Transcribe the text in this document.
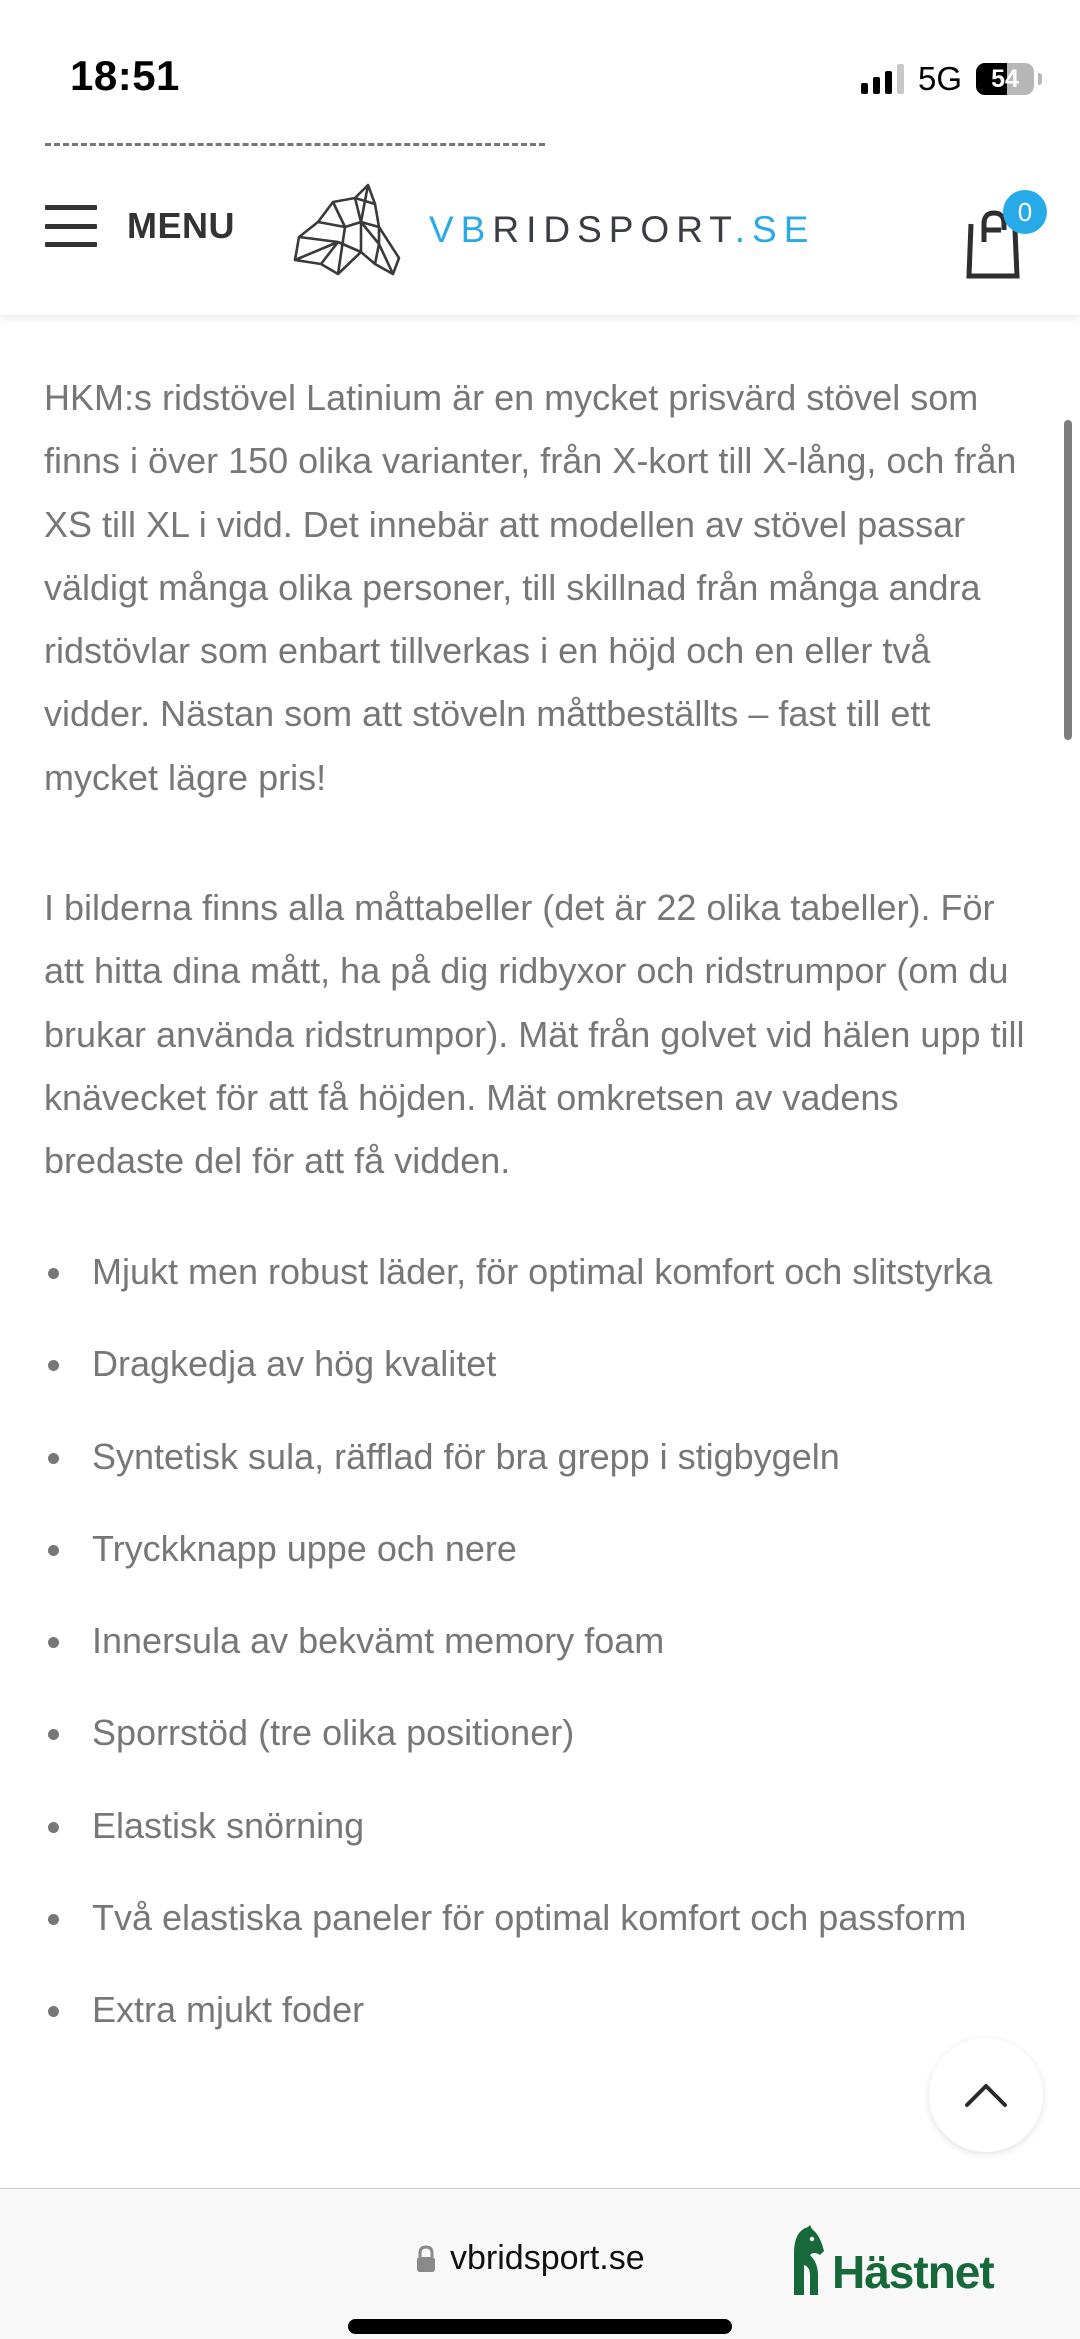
18:51	5G 54
MENU	VBRIDSPORT.SE	0

HKM:s ridstövel Latinium är en mycket prisvärd stövel som finns i över 150 olika varianter, från X-kort till X-lång, och från XS till XL i vidd. Det innebär att modellen av stövel passar väldigt många olika personer, till skillnad från många andra ridstövlar som enbart tillverkas i en höjd och en eller två vidder. Nästan som att stöveln måttbeställts – fast till ett mycket lägre pris!

I bilderna finns alla måttabeller (det är 22 olika tabeller). För att hitta dina mått, ha på dig ridbyxor och ridstrumpor (om du brukar använda ridstrumpor). Mät från golvet vid hälen upp till knävecket för att få höjden. Mät omkretsen av vadens bredaste del för att få vidden.

Mjukt men robust läder, för optimal komfort och slitstyrka
Dragkedja av hög kvalitet
Syntetisk sula, räfflad för bra grepp i stigbygeln
Tryckknapp uppe och nere
Innersula av bekvämt memory foam
Sporrstöd (tre olika positioner)
Elastisk snörning
Två elastiska paneler för optimal komfort och passform
Extra mjukt foder
vbridsport.se	Hästnet
